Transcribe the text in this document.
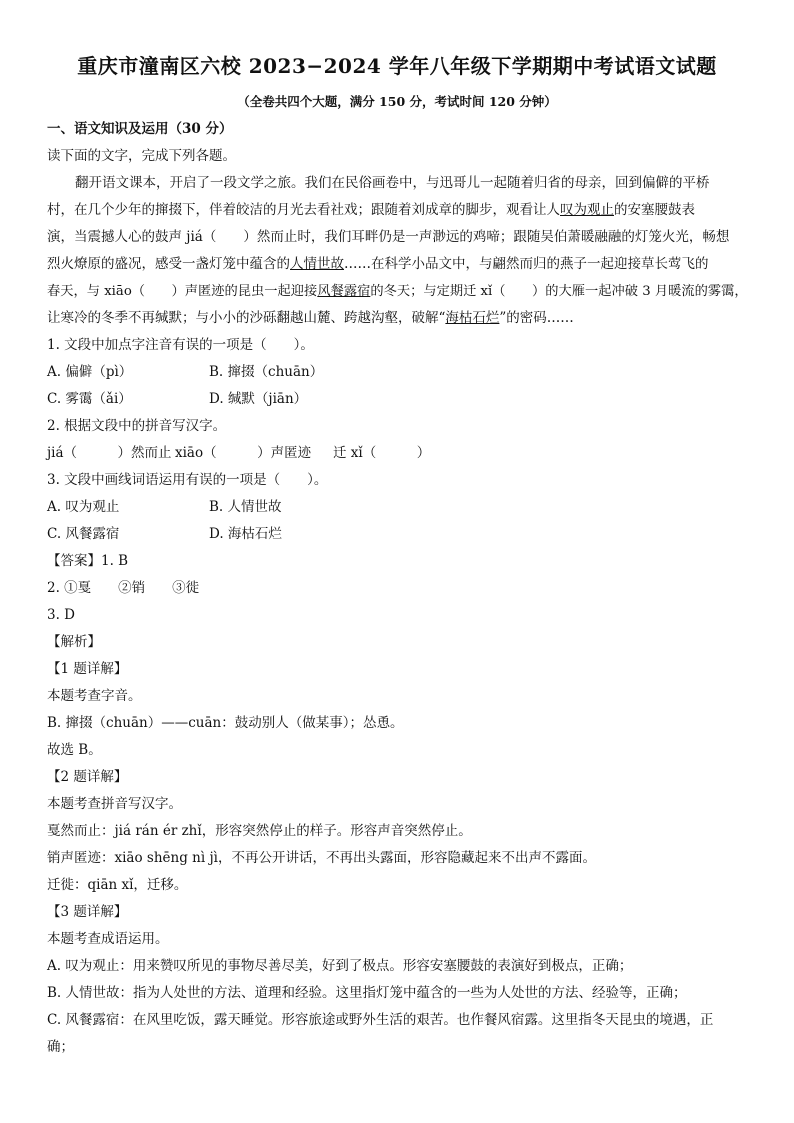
重庆市潼南区六校 2023−2024 学年八年级下学期期中考试语文试题
（全卷共四个大题，满分 150 分，考试时间 120 分钟）
一、语文知识及运用（30 分）
读下面的文字，完成下列各题。
翻开语文课本，开启了一段文学之旅。我们在民俗画卷中，与迅哥儿一起随着归省的母亲，回到偏僻的平桥
村，在几个少年的撺掇下，伴着皎洁的月光去看社戏；跟随着刘成章的脚步，观看让人叹为观止的安塞腰鼓表
演，当震撼人心的鼓声 jiá（　　）然而止时，我们耳畔仍是一声渺远的鸡啼；跟随吴伯萧暖融融的灯笼火光，畅想
烈火燎原的盛况，感受一盏灯笼中蕴含的人情世故……在科学小品文中，与翩然而归的燕子一起迎接草长莺飞的
春天，与 xiāo（　　）声匿迹的昆虫一起迎接风餐露宿的冬天；与定期迁 xǐ（　　）的大雁一起冲破 3 月暖流的雾霭，
让寒冷的冬季不再缄默；与小小的沙砾翻越山麓、跨越沟壑，破解“海枯石烂”的密码……
1. 文段中加点字注音有误的一项是（　　）。
A. 偏僻（pì）	B. 撺掇（chuān）
C. 雾霭（ǎi）	D. 缄默（jiān）
2. 根据文段中的拼音写汉字。
jiá（　　　）然而止 xiāo（　　　）声匿迹	迁 xǐ（　　　）
3. 文段中画线词语运用有误的一项是（　　）。
A. 叹为观止	B. 人情世故
C. 风餐露宿	D. 海枯石烂
【答案】1. B
2. ①戛　　②销　　③徙
3. D
【解析】
【1 题详解】
本题考查字音。
B. 撺掇（chuān）——cuān：鼓动别人（做某事）；怂恿。
故选 B。
【2 题详解】
本题考查拼音写汉字。
戛然而止：jiá rán ér zhǐ，形容突然停止的样子。形容声音突然停止。
销声匿迹：xiāo shēng nì jì，不再公开讲话，不再出头露面，形容隐藏起来不出声不露面。
迁徙：qiān xǐ，迁移。
【3 题详解】
本题考查成语运用。
A. 叹为观止：用来赞叹所见的事物尽善尽美，好到了极点。形容安塞腰鼓的表演好到极点，正确；
B. 人情世故：指为人处世的方法、道理和经验。这里指灯笼中蕴含的一些为人处世的方法、经验等，正确；
C. 风餐露宿：在风里吃饭，露天睡觉。形容旅途或野外生活的艰苦。也作餐风宿露。这里指冬天昆虫的境遇，正
确；
